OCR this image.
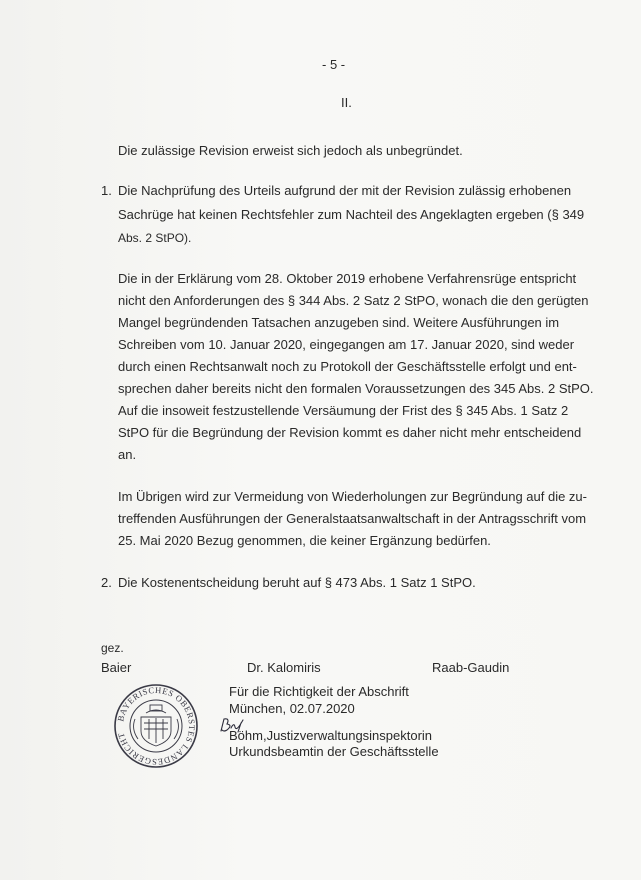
- 5 -
II.
Die zulässige Revision erweist sich jedoch als unbegründet.
1. Die Nachprüfung des Urteils aufgrund der mit der Revision zulässig erhobenen
Sachrüge hat keinen Rechtsfehler zum Nachteil des Angeklagten ergeben (§ 349
Abs. 2 StPO).
Die in der Erklärung vom 28. Oktober 2019 erhobene Verfahrensrüge entspricht
nicht den Anforderungen des § 344 Abs. 2 Satz 2 StPO, wonach die den gerügten
Mangel begründenden Tatsachen anzugeben sind. Weitere Ausführungen im
Schreiben vom 10. Januar 2020, eingegangen am 17. Januar 2020, sind weder
durch einen Rechtsanwalt noch zu Protokoll der Geschäftsstelle erfolgt und ent-
sprechen daher bereits nicht den formalen Voraussetzungen des 345 Abs. 2 StPO.
Auf die insoweit festzustellende Versäumung der Frist des § 345 Abs. 1 Satz 2
StPO für die Begründung der Revision kommt es daher nicht mehr entscheidend
an.
Im Übrigen wird zur Vermeidung von Wiederholungen zur Begründung auf die zu-
treffenden Ausführungen der Generalstaatsanwaltschaft in der Antragsschrift vom
25. Mai 2020 Bezug genommen, die keiner Ergänzung bedürfen.
2. Die Kostenentscheidung beruht auf § 473 Abs. 1 Satz 1 StPO.
gez.
Baier	Dr. Kalomiris	Raab-Gaudin
BAYERISCHES OBERSTES LANDESGERICHT
Für die Richtigkeit der Abschrift
München, 02.07.2020
Böhm,Justizverwaltungsinspektorin
Urkundsbeamtin der Geschäftsstelle
